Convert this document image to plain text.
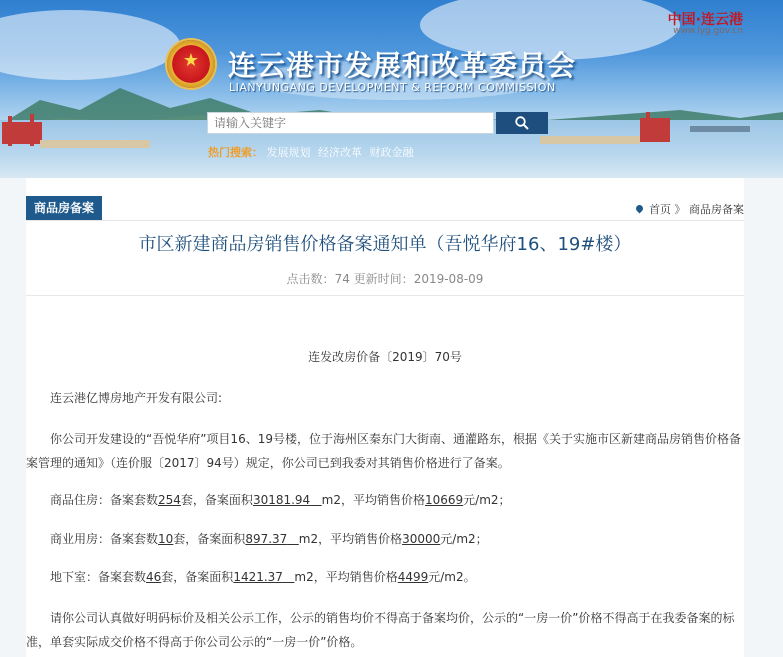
中国·连云港
www.lyg.gov.cn
★	连云港市发展和改革委员会
LIANYUNGANG DEVELOPMENT & REFORM COMMISSION
请输入关键字
热门搜索： 发展规划 经济改革 财政金融
商品房备案	首页 》 商品房备案
市区新建商品房销售价格备案通知单（吾悦华府16、19#楼）
点击数：74 更新时间：2019-08-09
连发改房价备〔2019〕70号
连云港亿博房地产开发有限公司:
你公司开发建设的“吾悦华府”项目16、19号楼，位于海州区秦东门大街南、通灌路东，根据《关于实施市区新建商品房销售价格备案管理的通知》（连价服〔2017〕94号）规定，你公司已到我委对其销售价格进行了备案。
商品住房：备案套数254套，备案面积30181.94 m2，平均销售价格10669元/m2；
商业用房：备案套数10套，备案面积897.37 m2，平均销售价格30000元/m2；
地下室：备案套数46套，备案面积1421.37 m2，平均销售价格4499元/m2。
请你公司认真做好明码标价及相关公示工作，公示的销售均价不得高于备案均价，公示的“一房一价”价格不得高于在我委备案的标准，单套实际成交价格不得高于你公司公示的“一房一价”价格。
